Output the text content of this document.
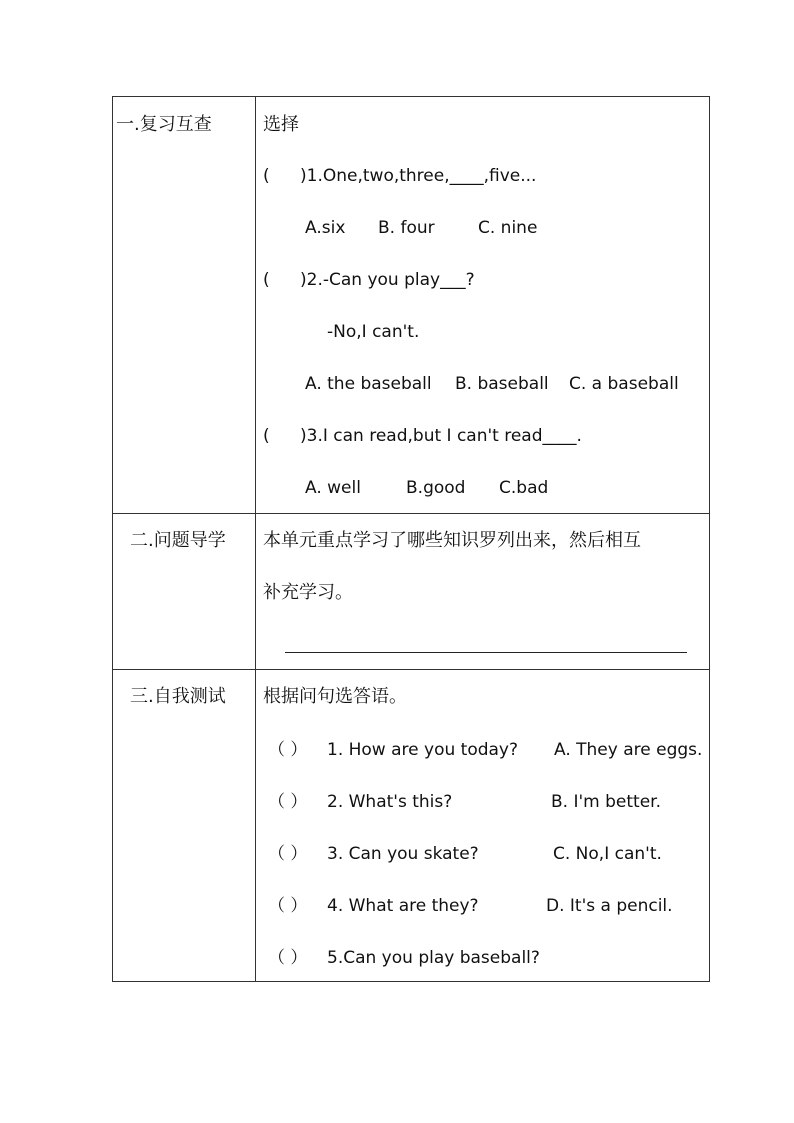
一.复习互查	选择
( )1.One,two,three,____,five...
A.six B. four	C. nine
( )2.-Can you play___?
-No,I can't.
A. the baseball B. baseball C. a baseball
( )3.I can read,but I can't read____.
A. well	B.good C.bad
二.问题导学 本单元重点学习了哪些知识罗列出来，然后相互
补充学习。
三.自我测试 根据问句选答语。
（ ） 1. How are you today? A. They are eggs.
（ ） 2. What's this?	B. I'm better.
（ ） 3. Can you skate?	C. No,I can't.
（ ） 4. What are they?	D. It's a pencil.
（ ） 5.Can you play baseball?
